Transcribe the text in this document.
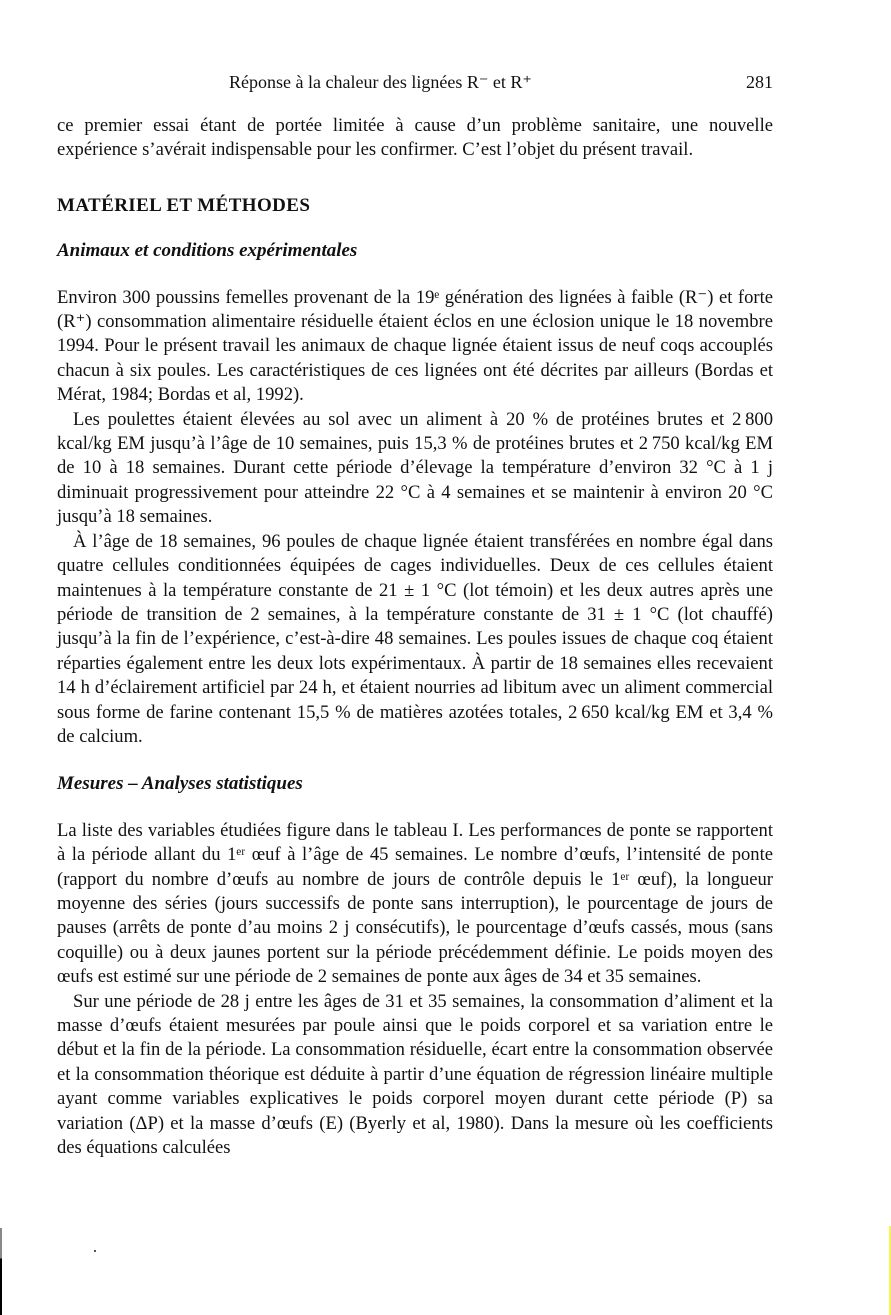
Réponse à la chaleur des lignées R⁻ et R⁺	281

ce premier essai étant de portée limitée à cause d’un problème sanitaire, une nouvelle expérience s’avérait indispensable pour les confirmer. C’est l’objet du présent travail.

MATÉRIEL ET MÉTHODES
Animaux et conditions expérimentales

Environ 300 poussins femelles provenant de la 19ᵉ génération des lignées à faible (R⁻) et forte (R⁺) consommation alimentaire résiduelle étaient éclos en une éclosion unique le 18 novembre 1994. Pour le présent travail les animaux de chaque lignée étaient issus de neuf coqs accouplés chacun à six poules. Les caractéristiques de ces lignées ont été décrites par ailleurs (Bordas et Mérat, 1984; Bordas et al, 1992).

Les poulettes étaient élevées au sol avec un aliment à 20 % de protéines brutes et 2 800 kcal/kg EM jusqu’à l’âge de 10 semaines, puis 15,3 % de protéines brutes et 2 750 kcal/kg EM de 10 à 18 semaines. Durant cette période d’élevage la température d’environ 32 °C à 1 j diminuait progressivement pour atteindre 22 °C à 4 semaines et se maintenir à environ 20 °C jusqu’à 18 semaines.

À l’âge de 18 semaines, 96 poules de chaque lignée étaient transférées en nombre égal dans quatre cellules conditionnées équipées de cages individuelles. Deux de ces cellules étaient maintenues à la température constante de 21 ± 1 °C (lot témoin) et les deux autres après une période de transition de 2 semaines, à la température constante de 31 ± 1 °C (lot chauffé) jusqu’à la fin de l’expérience, c’est-à-dire 48 semaines. Les poules issues de chaque coq étaient réparties également entre les deux lots expérimentaux. À partir de 18 semaines elles recevaient 14 h d’éclairement artificiel par 24 h, et étaient nourries ad libitum avec un aliment commercial sous forme de farine contenant 15,5 % de matières azotées totales, 2 650 kcal/kg EM et 3,4 % de calcium.

Mesures – Analyses statistiques

La liste des variables étudiées figure dans le tableau I. Les performances de ponte se rapportent à la période allant du 1ᵉʳ œuf à l’âge de 45 semaines. Le nombre d’œufs, l’intensité de ponte (rapport du nombre d’œufs au nombre de jours de contrôle depuis le 1ᵉʳ œuf), la longueur moyenne des séries (jours successifs de ponte sans interruption), le pourcentage de jours de pauses (arrêts de ponte d’au moins 2 j consécutifs), le pourcentage d’œufs cassés, mous (sans coquille) ou à deux jaunes portent sur la période précédemment définie. Le poids moyen des œufs est estimé sur une période de 2 semaines de ponte aux âges de 34 et 35 semaines.

Sur une période de 28 j entre les âges de 31 et 35 semaines, la consommation d’aliment et la masse d’œufs étaient mesurées par poule ainsi que le poids corporel et sa variation entre le début et la fin de la période. La consommation résiduelle, écart entre la consommation observée et la consommation théorique est déduite à partir d’une équation de régression linéaire multiple ayant comme variables explicatives le poids corporel moyen durant cette période (P) sa variation (ΔP) et la masse d’œufs (E) (Byerly et al, 1980). Dans la mesure où les coefficients des équations calculées
